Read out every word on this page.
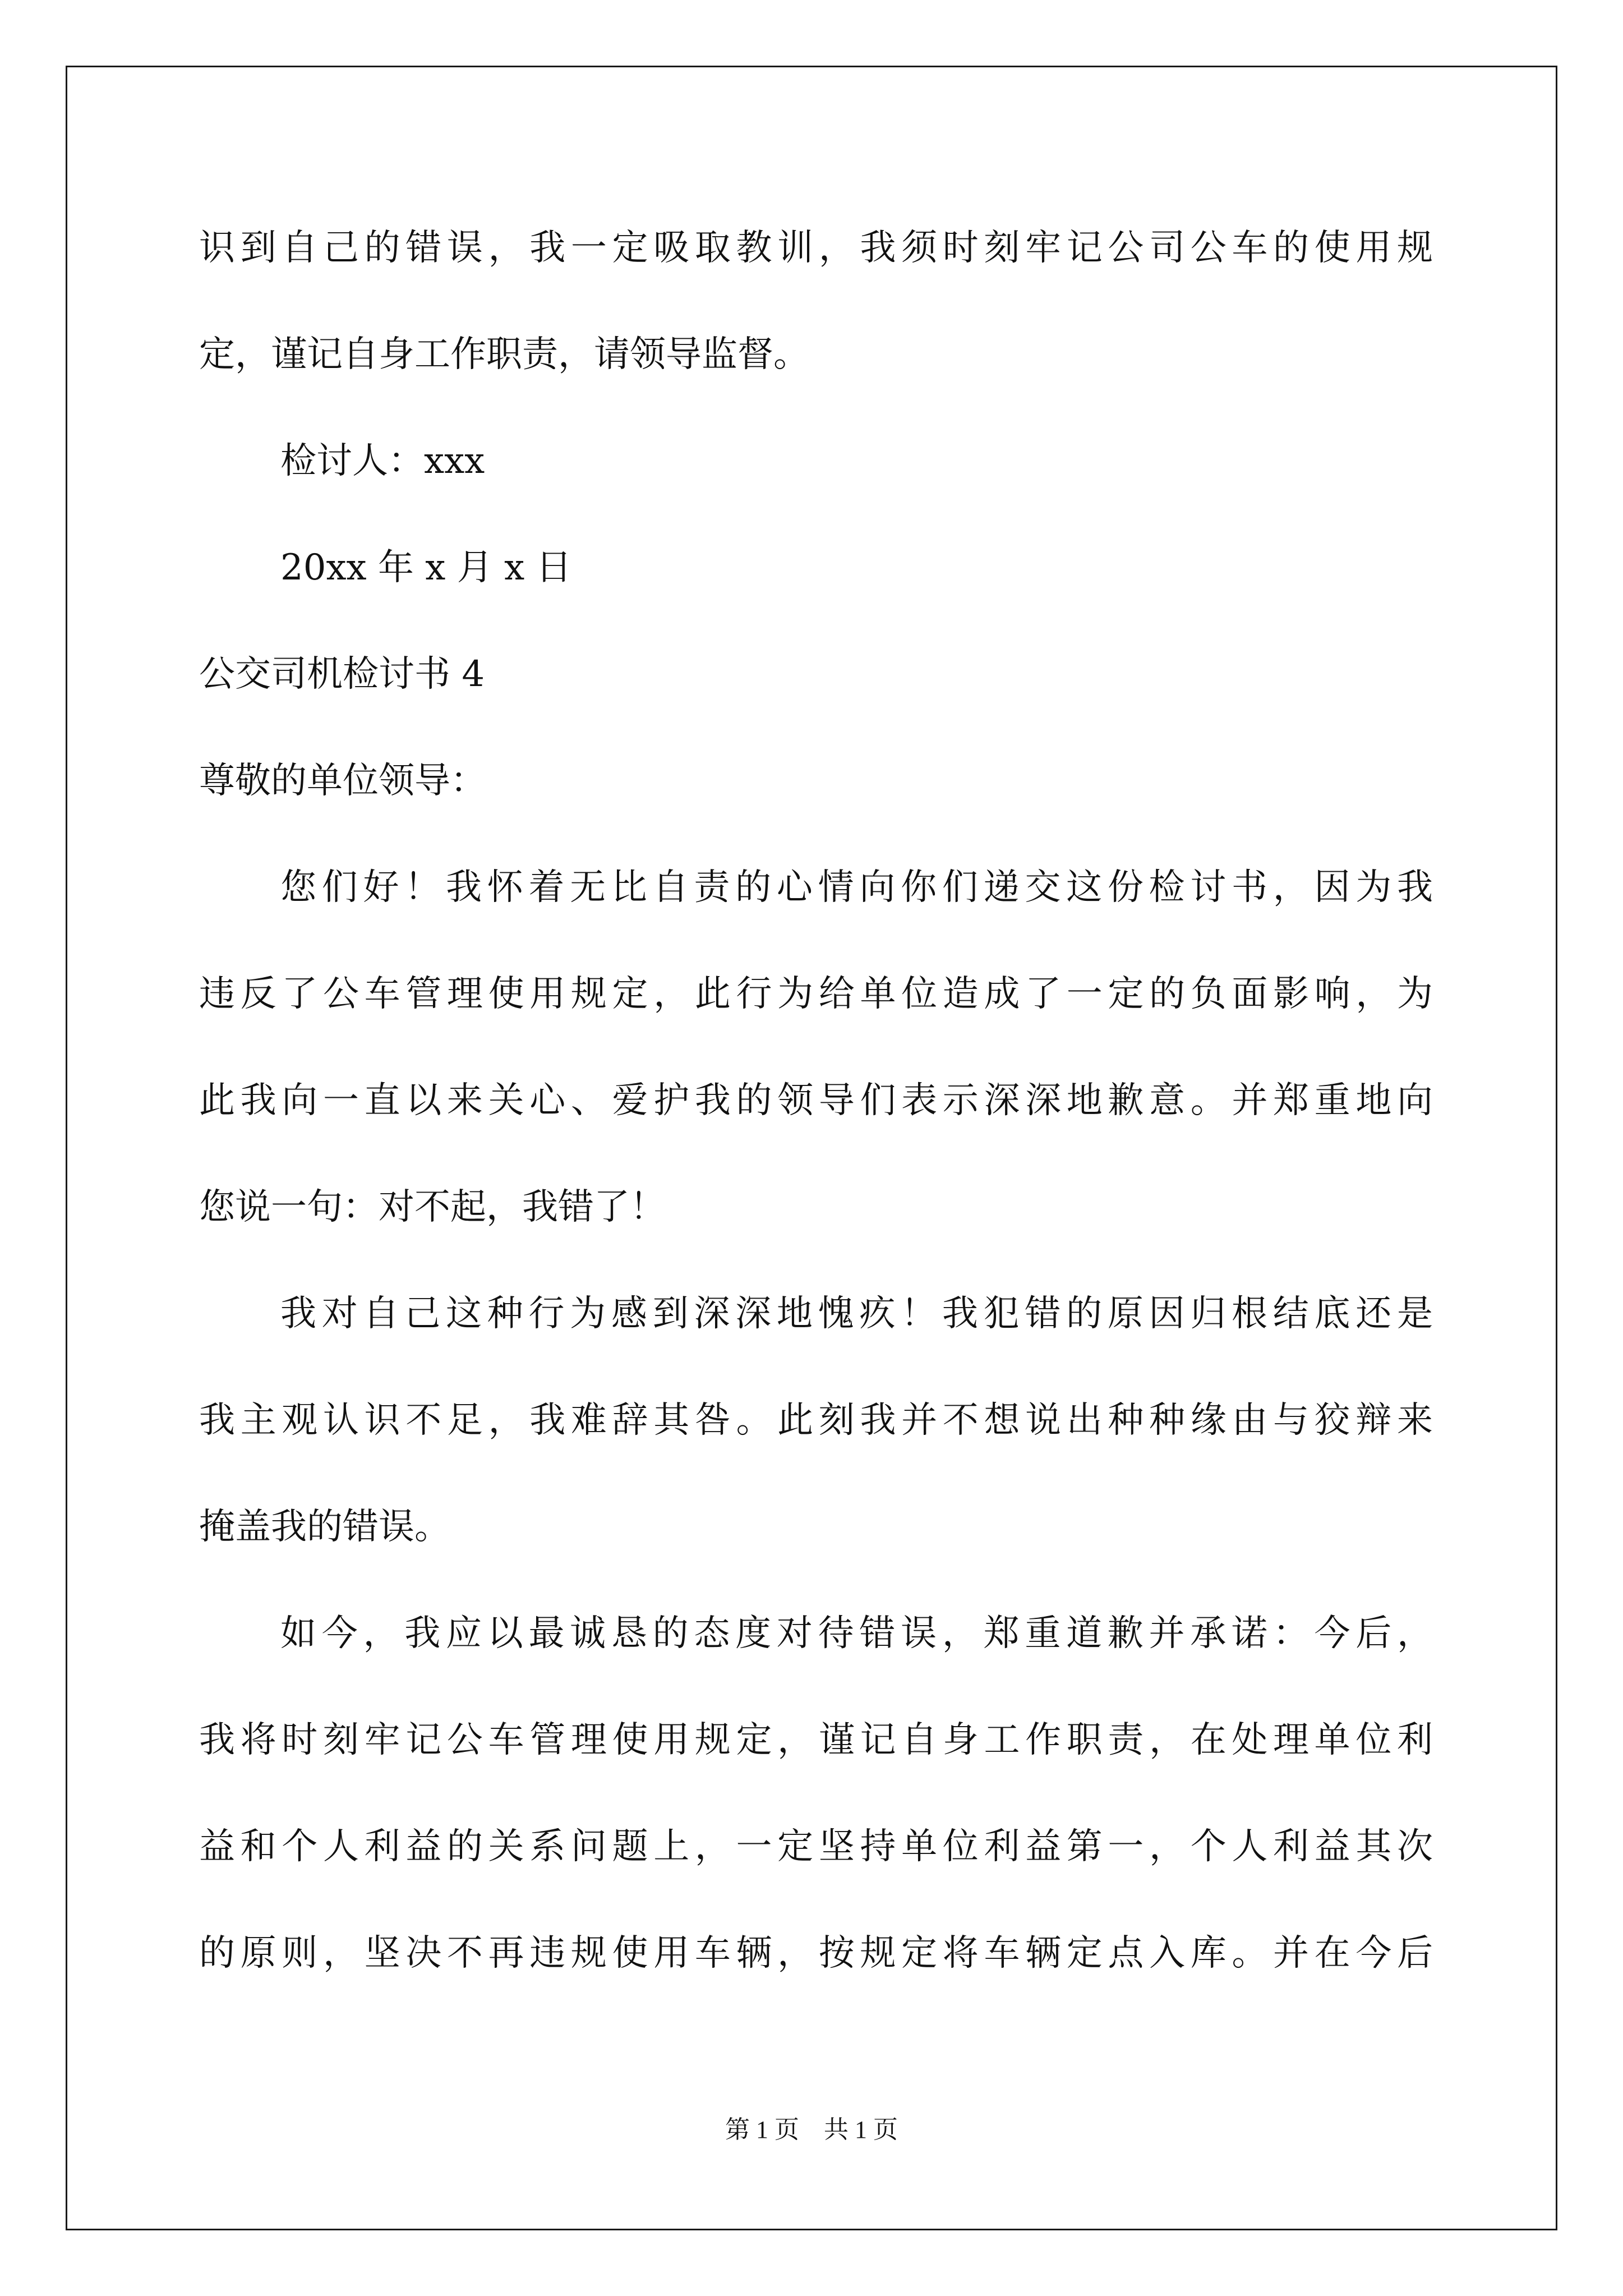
识到自己的错误，我一定吸取教训，我须时刻牢记公司公车的使用规

定，谨记自身工作职责，请领导监督。

检讨人：xxx

20xx 年 x 月 x 日

公交司机检讨书 4

尊敬的单位领导：

您们好！我怀着无比自责的心情向你们递交这份检讨书，因为我

违反了公车管理使用规定，此行为给单位造成了一定的负面影响，为

此我向一直以来关心、爱护我的领导们表示深深地歉意。并郑重地向

您说一句：对不起，我错了！

我对自己这种行为感到深深地愧疚！我犯错的原因归根结底还是

我主观认识不足，我难辞其咎。此刻我并不想说出种种缘由与狡辩来

掩盖我的错误。

如今，我应以最诚恳的态度对待错误，郑重道歉并承诺：今后，

我将时刻牢记公车管理使用规定，谨记自身工作职责，在处理单位利

益和个人利益的关系问题上，一定坚持单位利益第一，个人利益其次

的原则，坚决不再违规使用车辆，按规定将车辆定点入库。并在今后

第 1 页    共 1 页
